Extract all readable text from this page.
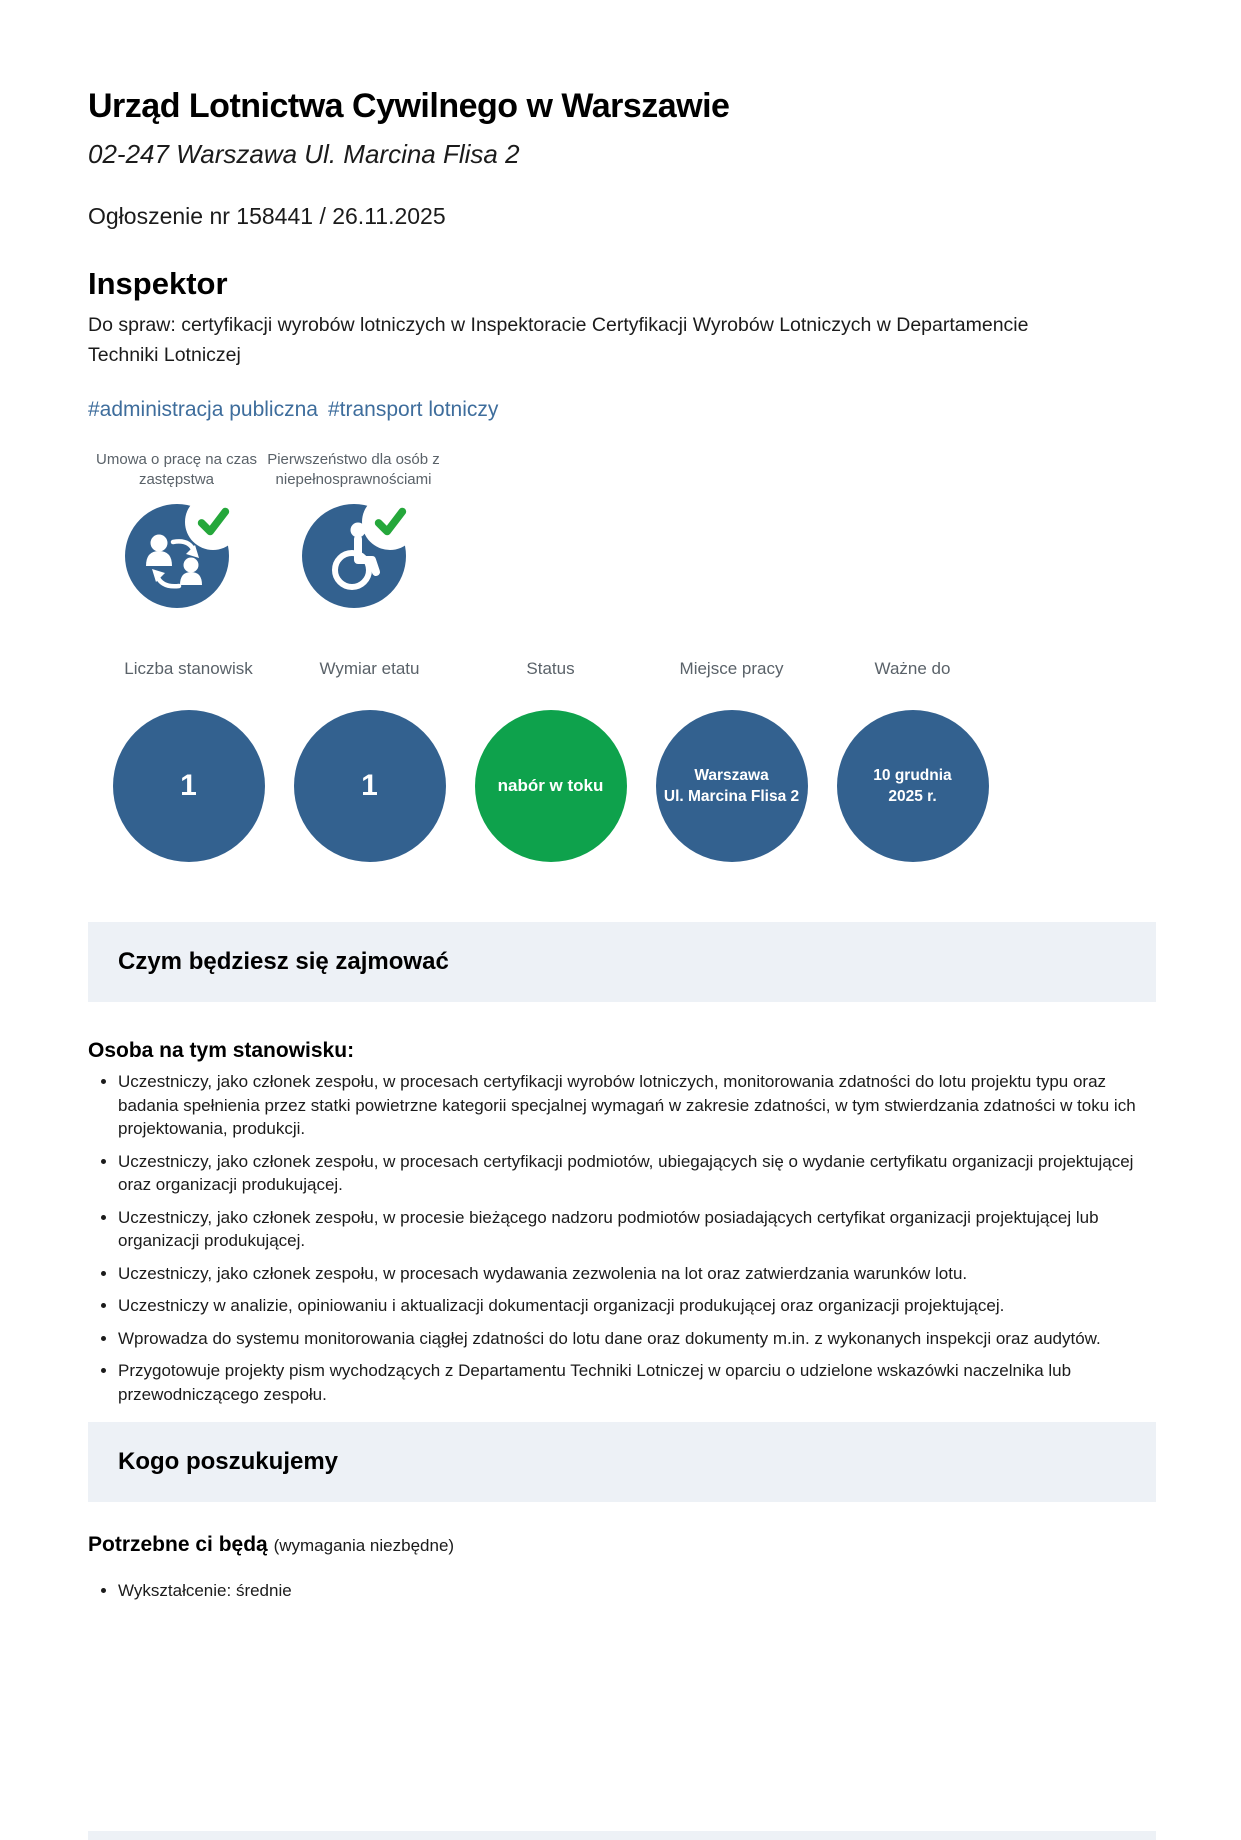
Urząd Lotnictwa Cywilnego w Warszawie
02-247 Warszawa Ul. Marcina Flisa 2
Ogłoszenie nr 158441 / 26.11.2025
Inspektor

Do spraw: certyfikacji wyrobów lotniczych w Inspektoracie Certyfikacji Wyrobów Lotniczych w Departamencie Techniki Lotniczej

#administracja publiczna #transport lotniczy
Umowa o pracę na czas zastępstwa
Pierwszeństwo dla osób z niepełnosprawnościami
Liczba stanowisk
1
Wymiar etatu
1
Status
nabór w toku
Miejsce pracy
Warszawa
Ul. Marcina Flisa 2
Ważne do
10 grudnia
2025 r.
Czym będziesz się zajmować
Osoba na tym stanowisku:
• Uczestniczy, jako członek zespołu, w procesach certyfikacji wyrobów lotniczych, monitorowania zdatności do lotu projektu typu oraz badania spełnienia przez statki powietrzne kategorii specjalnej wymagań w zakresie zdatności, w tym stwierdzania zdatności w toku ich projektowania, produkcji.
• Uczestniczy, jako członek zespołu, w procesach certyfikacji podmiotów, ubiegających się o wydanie certyfikatu organizacji projektującej oraz organizacji produkującej.
• Uczestniczy, jako członek zespołu, w procesie bieżącego nadzoru podmiotów posiadających certyfikat organizacji projektującej lub organizacji produkującej.
• Uczestniczy, jako członek zespołu, w procesach wydawania zezwolenia na lot oraz zatwierdzania warunków lotu.
• Uczestniczy w analizie, opiniowaniu i aktualizacji dokumentacji organizacji produkującej oraz organizacji projektującej.
• Wprowadza do systemu monitorowania ciągłej zdatności do lotu dane oraz dokumenty m.in. z wykonanych inspekcji oraz audytów.
• Przygotowuje projekty pism wychodzących z Departamentu Techniki Lotniczej w oparciu o udzielone wskazówki naczelnika lub przewodniczącego zespołu.
Kogo poszukujemy
Potrzebne ci będą (wymagania niezbędne)
• Wykształcenie: średnie
